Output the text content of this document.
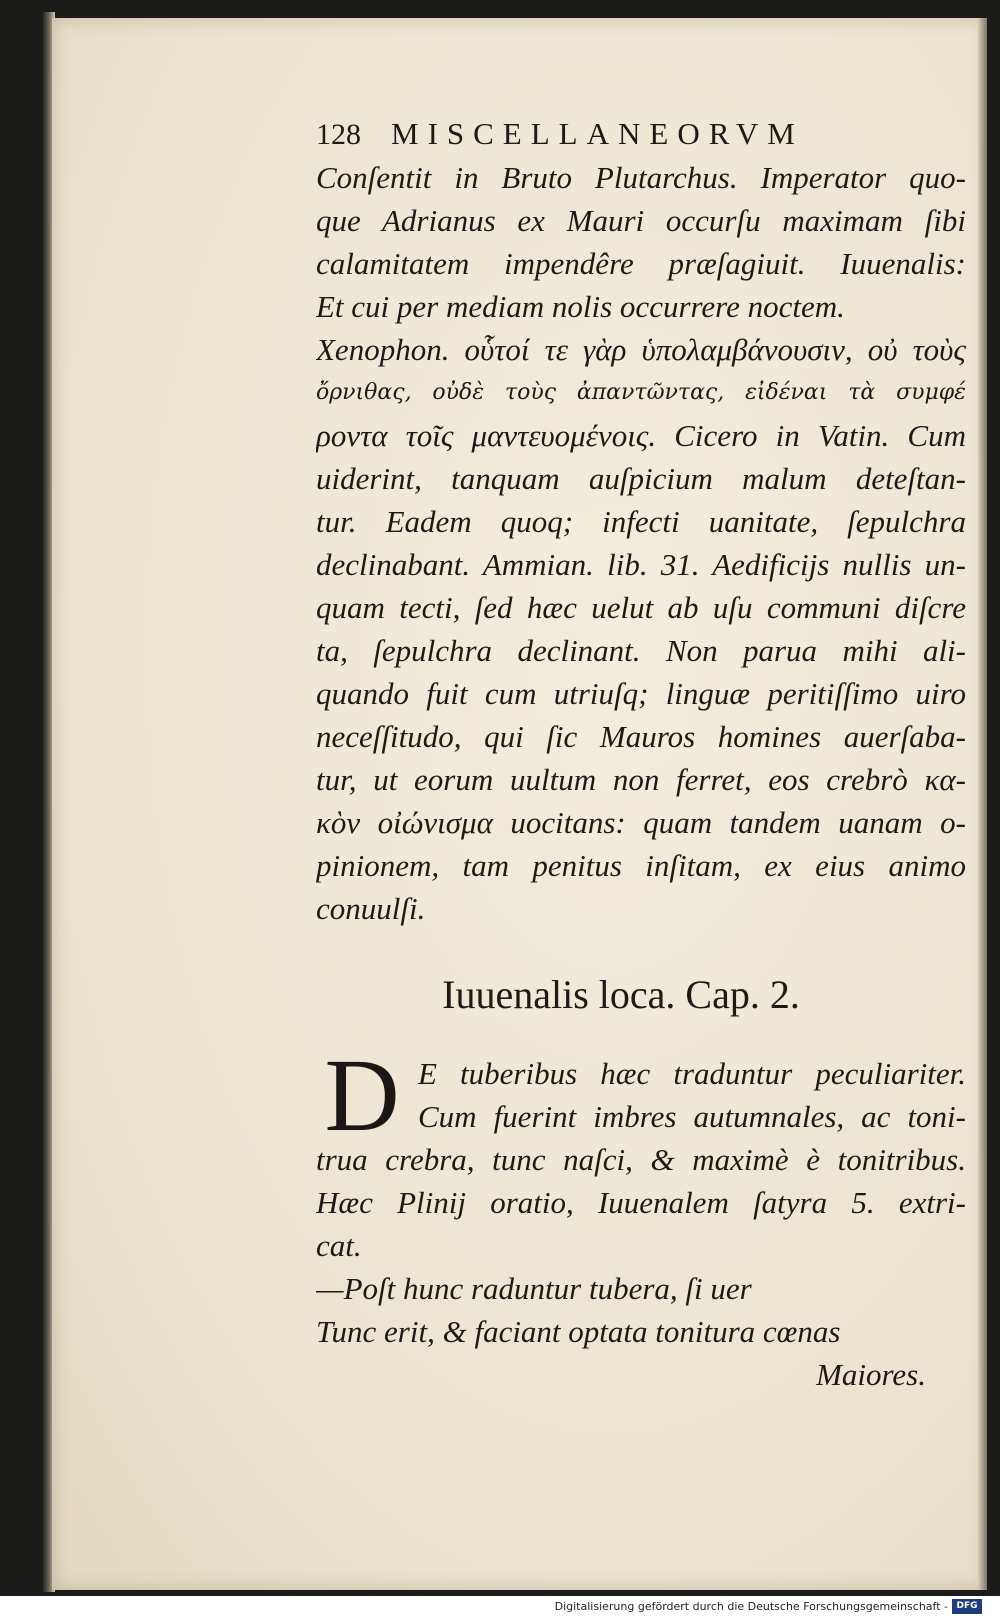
128 MISCELLANEORVM
Conſentit in Bruto Plutarchus. Imperator quo-
que Adrianus ex Mauri occurſu maximam ſibi
calamitatem impendêre præſagiuit. Iuuenalis:
Et cui per mediam nolis occurrere noctem.
Xenophon. οὗτοί τε γὰρ ὑπολαμβάνουσιν, οὐ τοὺς
ὄρνιθας, οὐδὲ τοὺς ἀπαντῶντας, εἰδέναι τὰ συμφέ
ροντα τοῖς μαντευομένοις. Cicero in Vatin. Cum
uiderint, tanquam auſpicium malum deteſtan-
tur. Eadem quoq; infecti uanitate, ſepulchra
declinabant. Ammian. lib. 31. Aedificijs nullis un-
quam tecti, ſed hæc uelut ab uſu communi diſcre
ta, ſepulchra declinant. Non parua mihi ali-
quando fuit cum utriuſq; linguæ peritiſſimo uiro
neceſſitudo, qui ſic Mauros homines auerſaba-
tur, ut eorum uultum non ferret, eos crebrò κα-
κὸν οἰώνισμα uocitans: quam tandem uanam o-
pinionem, tam penitus inſitam, ex eius animo
conuulſi.
Iuuenalis loca. Cap. 2.
D E tuberibus hæc traduntur peculiariter.
Cum fuerint imbres autumnales, ac toni-
trua crebra, tunc naſci, & maximè è tonitribus.
Hæc Plinij oratio, Iuuenalem ſatyra 5. extri-
cat.
—Poſt hunc raduntur tubera, ſi uer
Tunc erit, & faciant optata tonitura cœnas
Maiores.
Digitalisierung gefördert durch die Deutsche Forschungsgemeinschaft - DFG
